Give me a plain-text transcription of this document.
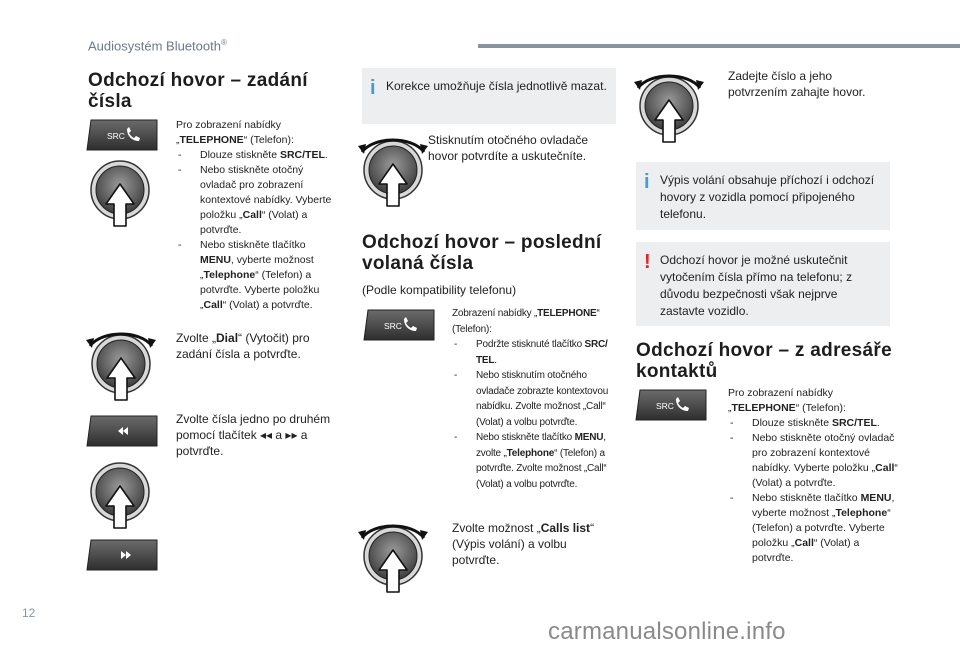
Audiosystém Bluetooth®
Odchozí hovor – zadání čísla
Pro zobrazení nabídky
„TELEPHONE“ (Telefon):
- Dlouze stiskněte SRC/TEL.
- Nebo stiskněte otočný ovladač pro zobrazení kontextové nabídky. Vyberte položku „Call“ (Volat) a potvrďte.
- Nebo stiskněte tlačítko MENU, vyberte možnost „Telephone“ (Telefon) a potvrďte. Vyberte položku „Call“ (Volat) a potvrďte.
Zvolte „Dial“ (Vytočit) pro zadání čísla a potvrďte.
Zvolte čísla jedno po druhém pomocí tlačítek ◂◂ a ▸▸ a potvrďte.
i Korekce umožňuje čísla jednotlivě mazat.
Stisknutím otočného ovladače hovor potvrdíte a uskutečníte.
Odchozí hovor – poslední volaná čísla
(Podle kompatibility telefonu)
Zobrazení nabídky „TELEPHONE“ (Telefon):
- Podržte stisknuté tlačítko SRC/ TEL.
- Nebo stisknutím otočného ovladače zobrazte kontextovou nabídku. Zvolte možnost „Call“ (Volat) a volbu potvrďte.
- Nebo stiskněte tlačítko MENU, zvolte „Telephone“ (Telefon) a potvrďte. Zvolte možnost „Call“ (Volat) a volbu potvrďte.
Zvolte možnost „Calls list“ (Výpis volání) a volbu potvrďte.
Zadejte číslo a jeho potvrzením zahajte hovor.
i Výpis volání obsahuje příchozí i odchozí hovory z vozidla pomocí připojeného telefonu.
! Odchozí hovor je možné uskutečnit vytočením čísla přímo na telefonu; z důvodu bezpečnosti však nejprve zastavte vozidlo.
Odchozí hovor – z adresáře kontaktů
Pro zobrazení nabídky
„TELEPHONE“ (Telefon):
- Dlouze stiskněte SRC/TEL.
- Nebo stiskněte otočný ovladač pro zobrazení kontextové nabídky. Vyberte položku „Call“ (Volat) a potvrďte.
- Nebo stiskněte tlačítko MENU, vyberte možnost „Telephone“ (Telefon) a potvrďte. Vyberte položku „Call“ (Volat) a potvrďte.
12
carmanualsonline.info
